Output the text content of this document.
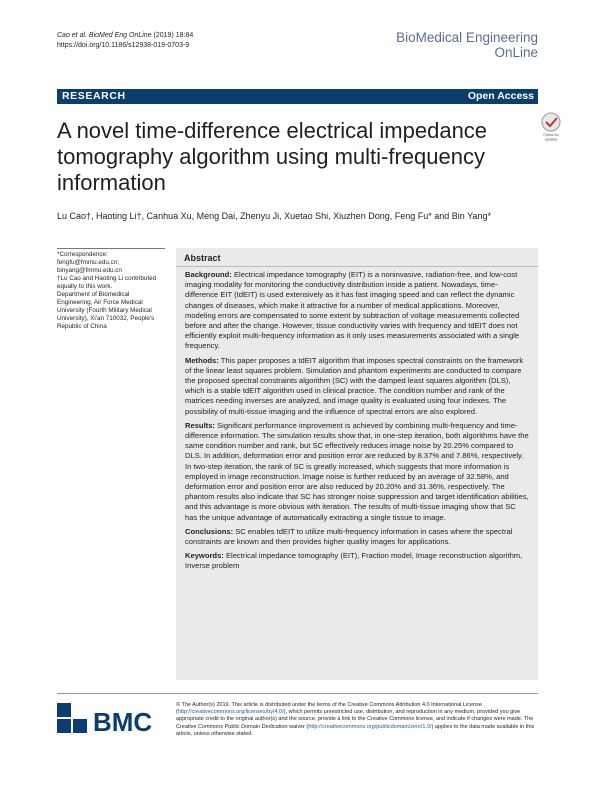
Cao et al. BioMed Eng OnLine (2019) 18:84
https://doi.org/10.1186/s12938-019-0703-9
BioMedical Engineering
OnLine
RESEARCH	Open Access
A novel time-difference electrical impedance tomography algorithm using multi-frequency information
Check for
updates
Lu Cao†, Haoting Li†, Canhua Xu, Meng Dai, Zhenyu Ji, Xuetao Shi, Xiuzhen Dong, Feng Fu* and Bin Yang*
*Correspondence: fengfu@fmmu.edu.cn; binyang@fmmu.edu.cn
†Lu Cao and Haoting Li contributed equally to this work.
Department of Biomedical Engineering, Air Force Medical University (Fourth Military Medical University), Xi'an 710032, People's Republic of China
Abstract

Background: Electrical impedance tomography (EIT) is a noninvasive, radiation-free, and low-cost imaging modality for monitoring the conductivity distribution inside a patient. Nowadays, time-difference EIT (tdEIT) is used extensively as it has fast imaging speed and can reflect the dynamic changes of diseases, which make it attractive for a number of medical applications. Moreover, modeling errors are compensated to some extent by subtraction of voltage measurements collected before and after the change. However, tissue conductivity varies with frequency and tdEIT does not efficiently exploit multi-frequency information as it only uses measurements associated with a single frequency.

Methods: This paper proposes a tdEIT algorithm that imposes spectral constraints on the framework of the linear least squares problem. Simulation and phantom experiments are conducted to compare the proposed spectral constraints algorithm (SC) with the damped least squares algorithm (DLS), which is a stable tdEIT algorithm used in clinical practice. The condition number and rank of the matrices needing inverses are analyzed, and image quality is evaluated using four indexes. The possibility of multi-tissue imaging and the influence of spectral errors are also explored.

Results: Significant performance improvement is achieved by combining multi-frequency and time-difference information. The simulation results show that, in one-step iteration, both algorithms have the same condition number and rank, but SC effectively reduces image noise by 20.25% compared to DLS. In addition, deformation error and position error are reduced by 8.37% and 7.86%, respectively. In two-step iteration, the rank of SC is greatly increased, which suggests that more information is employed in image reconstruction. Image noise is further reduced by an average of 32.58%, and deformation error and position error are also reduced by 20.20% and 31.36%, respectively. The phantom results also indicate that SC has stronger noise suppression and target identification abilities, and this advantage is more obvious with iteration. The results of multi-tissue imaging show that SC has the unique advantage of automatically extracting a single tissue to image.

Conclusions: SC enables tdEIT to utilize multi-frequency information in cases where the spectral constraints are known and then provides higher quality images for applications.

Keywords: Electrical impedance tomography (EIT), Fraction model, Image reconstruction algorithm, Inverse problem

BMC
© The Author(s) 2019. This article is distributed under the terms of the Creative Commons Attribution 4.0 International License (http://creativecommons.org/licenses/by/4.0/), which permits unrestricted use, distribution, and reproduction in any medium, provided you give appropriate credit to the original author(s) and the source, provide a link to the Creative Commons license, and indicate if changes were made. The Creative Commons Public Domain Dedication waiver (http://creativecommons.org/publicdomain/zero/1.0/) applies to the data made available in this article, unless otherwise stated.
